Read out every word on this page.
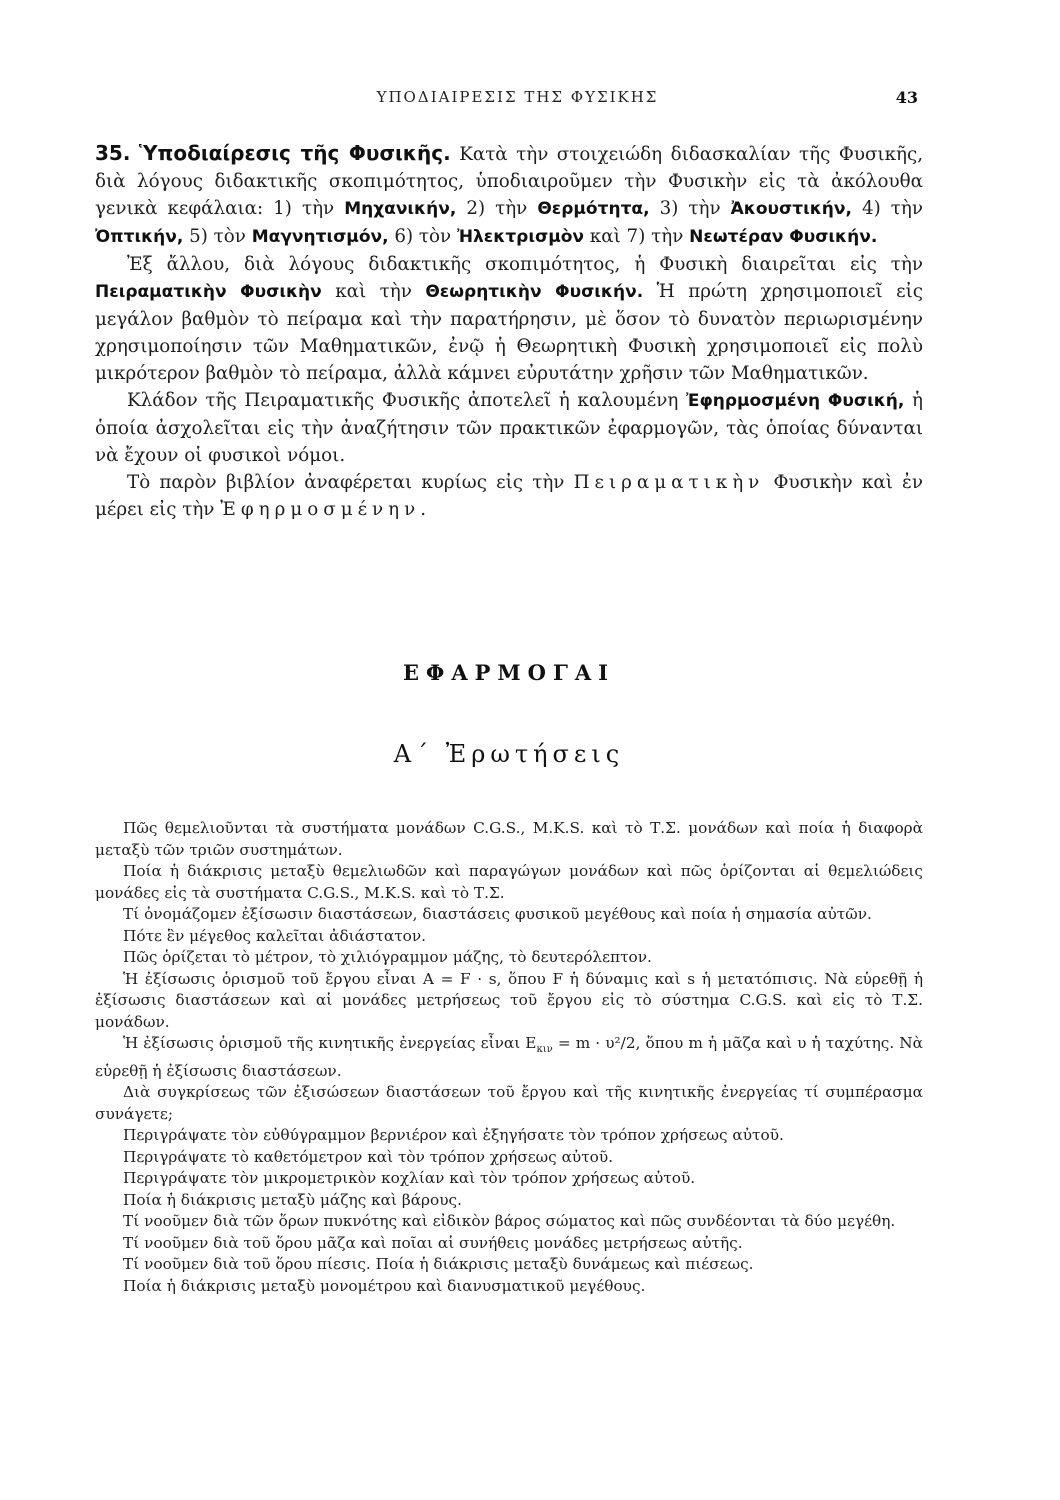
ΥΠΟΔΙΑΙΡΕΣΙΣ ΤΗΣ ΦΥΣΙΚΗΣ	43

35. Ὑποδιαίρεσις τῆς Φυσικῆς. Κατὰ τὴν στοιχειώδη διδασκαλίαν τῆς Φυσικῆς, διὰ λόγους διδακτικῆς σκοπιμότητος, ὑποδιαιροῦμεν τὴν Φυσικὴν εἰς τὰ ἀκόλουθα γενικὰ κεφάλαια: 1) τὴν Μηχανικήν, 2) τὴν Θερμότητα, 3) τὴν Ἀκουστικήν, 4) τὴν Ὀπτικήν, 5) τὸν Μαγνητισμόν, 6) τὸν Ἠλεκτρισμὸν καὶ 7) τὴν Νεωτέραν Φυσικήν.

Ἐξ ἄλλου, διὰ λόγους διδακτικῆς σκοπιμότητος, ἡ Φυσικὴ διαιρεῖται εἰς τὴν Πειραματικὴν Φυσικὴν καὶ τὴν Θεωρητικὴν Φυσικήν. Ἡ πρώτη χρησιμοποιεῖ εἰς μεγάλον βαθμὸν τὸ πείραμα καὶ τὴν παρατήρησιν, μὲ ὅσον τὸ δυνατὸν περιωρισμένην χρησιμοποίησιν τῶν Μαθηματικῶν, ἐνῷ ἡ Θεωρητικὴ Φυσικὴ χρησιμοποιεῖ εἰς πολὺ μικρότερον βαθμὸν τὸ πείραμα, ἀλλὰ κάμνει εὐρυτάτην χρῆσιν τῶν Μαθηματικῶν.

Κλάδον τῆς Πειραματικῆς Φυσικῆς ἀποτελεῖ ἡ καλουμένη Ἐφηρμοσμένη Φυσική, ἡ ὁποία ἀσχολεῖται εἰς τὴν ἀναζήτησιν τῶν πρακτικῶν ἐφαρμογῶν, τὰς ὁποίας δύνανται νὰ ἔχουν οἱ φυσικοὶ νόμοι.

Τὸ παρὸν βιβλίον ἀναφέρεται κυρίως εἰς τὴν Πειραματικὴν Φυσικὴν καὶ ἐν μέρει εἰς τὴν Ἐφηρμοσμένην.

ΕΦΑΡΜΟΓΑΙ
Α΄ Ἐρωτήσεις

Πῶς θεμελιοῦνται τὰ συστήματα μονάδων C.G.S., M.K.S. καὶ τὸ Τ.Σ. μονάδων καὶ ποία ἡ διαφορὰ μεταξὺ τῶν τριῶν συστημάτων.

Ποία ἡ διάκρισις μεταξὺ θεμελιωδῶν καὶ παραγώγων μονάδων καὶ πῶς ὁρίζονται αἱ θεμελιώδεις μονάδες εἰς τὰ συστήματα C.G.S., M.K.S. καὶ τὸ Τ.Σ.

Τί ὀνομάζομεν ἐξίσωσιν διαστάσεων, διαστάσεις φυσικοῦ μεγέθους καὶ ποία ἡ σημασία αὐτῶν.

Πότε ἓν μέγεθος καλεῖται ἀδιάστατον.

Πῶς ὁρίζεται τὸ μέτρον, τὸ χιλιόγραμμον μάζης, τὸ δευτερόλεπτον.

Ἡ ἐξίσωσις ὁρισμοῦ τοῦ ἔργου εἶναι A = F · s, ὅπου F ἡ δύναμις καὶ s ἡ μετατόπισις. Νὰ εὑρεθῇ ἡ ἐξίσωσις διαστάσεων καὶ αἱ μονάδες μετρήσεως τοῦ ἔργου εἰς τὸ σύστημα C.G.S. καὶ εἰς τὸ Τ.Σ. μονάδων.

Ἡ ἐξίσωσις ὁρισμοῦ τῆς κινητικῆς ἐνεργείας εἶναι $E_{\kappa\iota\nu} = m \cdot \upsilon^2/2$, ὅπου m ἡ μᾶζα καὶ υ ἡ ταχύτης. Νὰ εὑρεθῇ ἡ ἐξίσωσις διαστάσεων.

Διὰ συγκρίσεως τῶν ἐξισώσεων διαστάσεων τοῦ ἔργου καὶ τῆς κινητικῆς ἐνεργείας τί συμπέρασμα συνάγετε;

Περιγράψατε τὸν εὐθύγραμμον βερνιέρον καὶ ἐξηγήσατε τὸν τρόπον χρήσεως αὐτοῦ.

Περιγράψατε τὸ καθετόμετρον καὶ τὸν τρόπον χρήσεως αὐτοῦ.

Περιγράψατε τὸν μικρομετρικὸν κοχλίαν καὶ τὸν τρόπον χρήσεως αὐτοῦ.

Ποία ἡ διάκρισις μεταξὺ μάζης καὶ βάρους.

Τί νοοῦμεν διὰ τῶν ὅρων πυκνότης καὶ εἰδικὸν βάρος σώματος καὶ πῶς συνδέονται τὰ δύο μεγέθη.

Τί νοοῦμεν διὰ τοῦ ὅρου μᾶζα καὶ ποῖαι αἱ συνήθεις μονάδες μετρήσεως αὐτῆς.

Τί νοοῦμεν διὰ τοῦ ὅρου πίεσις. Ποία ἡ διάκρισις μεταξὺ δυνάμεως καὶ πιέσεως.

Ποία ἡ διάκρισις μεταξὺ μονομέτρου καὶ διανυσματικοῦ μεγέθους.
